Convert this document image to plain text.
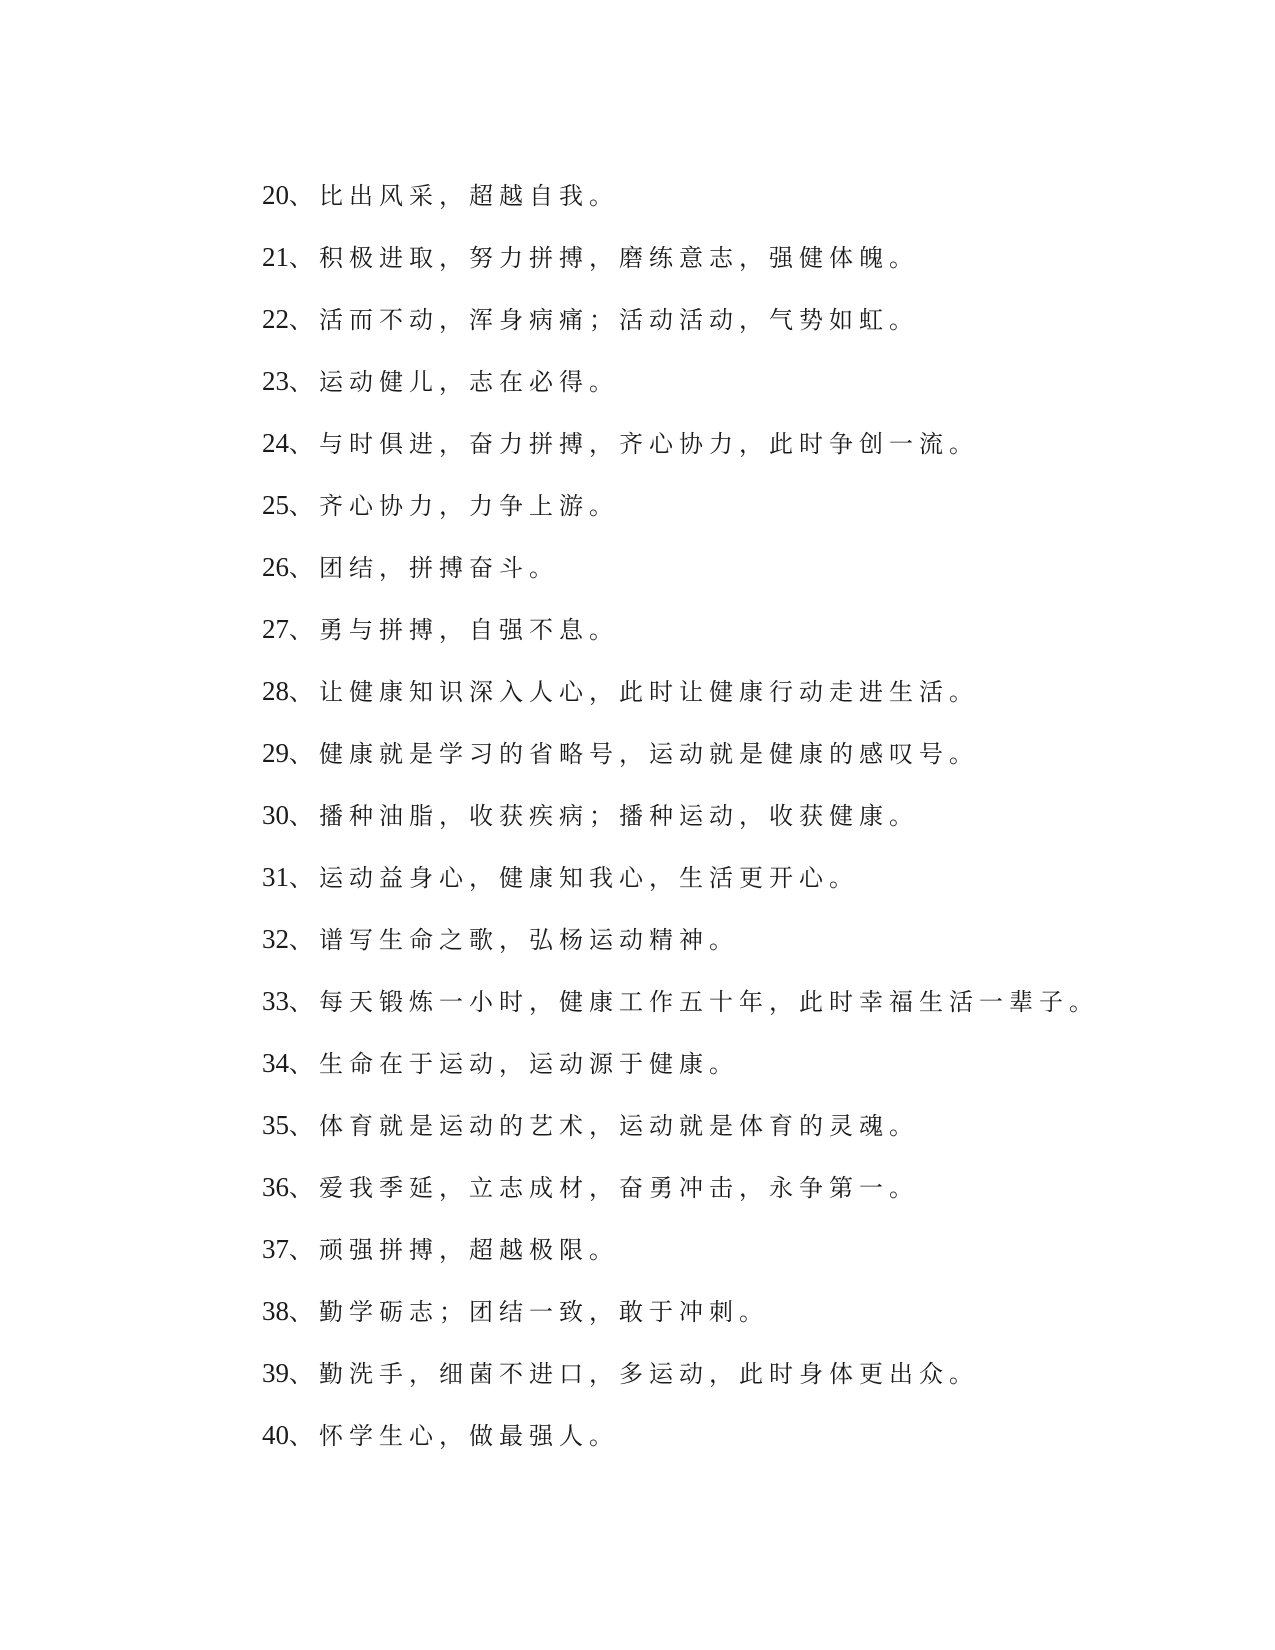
20、比出风采，超越自我。
21、积极进取，努力拼搏，磨练意志，强健体魄。
22、活而不动，浑身病痛；活动活动，气势如虹。
23、运动健儿，志在必得。
24、与时俱进，奋力拼搏，齐心协力，此时争创一流。
25、齐心协力，力争上游。
26、团结，拼搏奋斗。
27、勇与拼搏，自强不息。
28、让健康知识深入人心，此时让健康行动走进生活。
29、健康就是学习的省略号，运动就是健康的感叹号。
30、播种油脂，收获疾病；播种运动，收获健康。
31、运动益身心，健康知我心，生活更开心。
32、谱写生命之歌，弘杨运动精神。
33、每天锻炼一小时，健康工作五十年，此时幸福生活一辈子。
34、生命在于运动，运动源于健康。
35、体育就是运动的艺术，运动就是体育的灵魂。
36、爱我季延，立志成材，奋勇冲击，永争第一。
37、顽强拼搏，超越极限。
38、勤学砺志；团结一致，敢于冲刺。
39、勤洗手，细菌不进口，多运动，此时身体更出众。
40、怀学生心，做最强人。
